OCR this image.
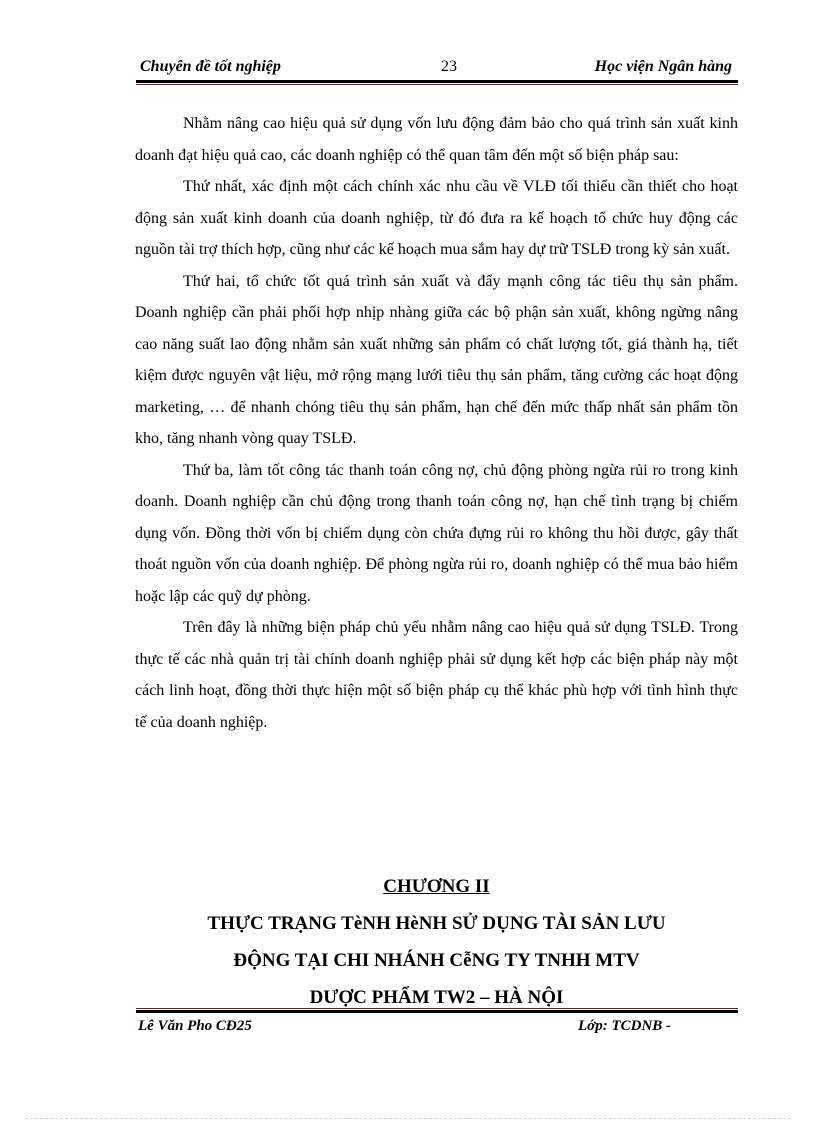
Chuyên đề tốt nghiệp	23	Học viện Ngân hàng

Nhằm nâng cao hiệu quả sử dụng vốn lưu động đảm bảo cho quá trình sản xuất kinh doanh đạt hiệu quả cao, các doanh nghiệp có thể quan tâm đến một số biện pháp sau:

Thứ nhất, xác định một cách chính xác nhu cầu về VLĐ tối thiểu cần thiết cho hoạt động sản xuất kinh doanh của doanh nghiệp, từ đó đưa ra kế hoạch tổ chức huy động các nguồn tài trợ thích hợp, cũng như các kế hoạch mua sắm hay dự trữ TSLĐ trong kỳ sản xuất.

Thứ hai, tổ chức tốt quá trình sản xuất và đẩy mạnh công tác tiêu thụ sản phẩm. Doanh nghiệp cần phải phối hợp nhịp nhàng giữa các bộ phận sản xuất, không ngừng nâng cao năng suất lao động nhằm sản xuất những sản phẩm có chất lượng tốt, giá thành hạ, tiết kiệm được nguyên vật liệu, mở rộng mạng lưới tiêu thụ sản phẩm, tăng cường các hoạt động marketing, … để nhanh chóng tiêu thụ sản phẩm, hạn chế đến mức thấp nhất sản phẩm tồn kho, tăng nhanh vòng quay TSLĐ.

Thứ ba, làm tốt công tác thanh toán công nợ, chủ động phòng ngừa rủi ro trong kinh doanh. Doanh nghiệp cần chủ động trong thanh toán công nợ, hạn chế tình trạng bị chiếm dụng vốn. Đồng thời vốn bị chiếm dụng còn chứa đựng rủi ro không thu hồi được, gây thất thoát nguồn vốn của doanh nghiệp. Để phòng ngừa rủi ro, doanh nghiệp có thể mua bảo hiểm hoặc lập các quỹ dự phòng.

Trên đây là những biện pháp chủ yếu nhằm nâng cao hiệu quả sử dụng TSLĐ. Trong thực tế các nhà quản trị tài chính doanh nghiệp phải sử dụng kết hợp các biện pháp này một cách linh hoạt, đồng thời thực hiện một số biện pháp cụ thể khác phù hợp với tình hình thực tế của doanh nghiệp.

CHƯƠNG II
THỰC TRẠNG TèNH HèNH SỬ DỤNG TÀI SẢN LƯU
ĐỘNG TẠI CHI NHÁNH CễNG TY TNHH MTV
DƯỢC PHẨM TW2 – HÀ NỘI
Lê Văn Pho CĐ25	Lớp: TCDNB -
